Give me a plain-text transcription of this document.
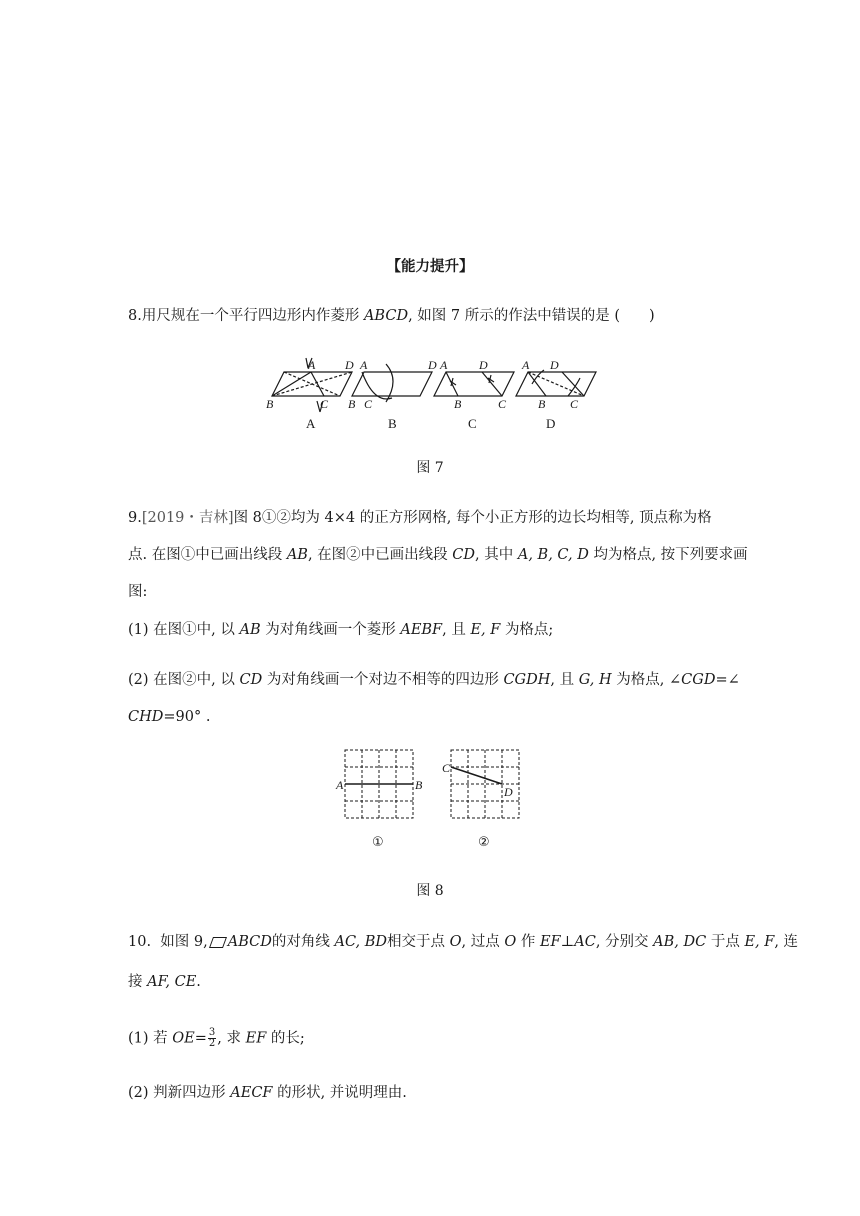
【能力提升】
8.用尺规在一个平行四边形内作菱形 ABCD, 如图 7 所示的作法中错误的是 (　　)
A D
B	C
A	D
B C
A	D
B	C
A D
B C
A	B	C	D
图 7
9.[2019・吉林]图 8①②均为 4×4 的正方形网格, 每个小正方形的边长均相等, 顶点称为格
点. 在图①中已画出线段 AB, 在图②中已画出线段 CD, 其中 A, B, C, D 均为格点, 按下列要求画
图:
(1) 在图①中, 以 AB 为对角线画一个菱形 AEBF, 且 E, F 为格点;
(2) 在图②中, 以 CD 为对角线画一个对边不相等的四边形 CGDH, 且 G, H 为格点, ∠CGD=∠
CHD=90° .
A	B
C
D
①	②
图 8
10. 如图 9, ABCD的对角线 AC, BD相交于点 O, 过点 O 作 EF⊥AC, 分别交 AB, DC 于点 E, F, 连
接 AF, CE.
(1) 若 $OE= \frac{3}{2}$ , 求 EF 的长;
(2) 判新四边形 AECF 的形状, 并说明理由.
